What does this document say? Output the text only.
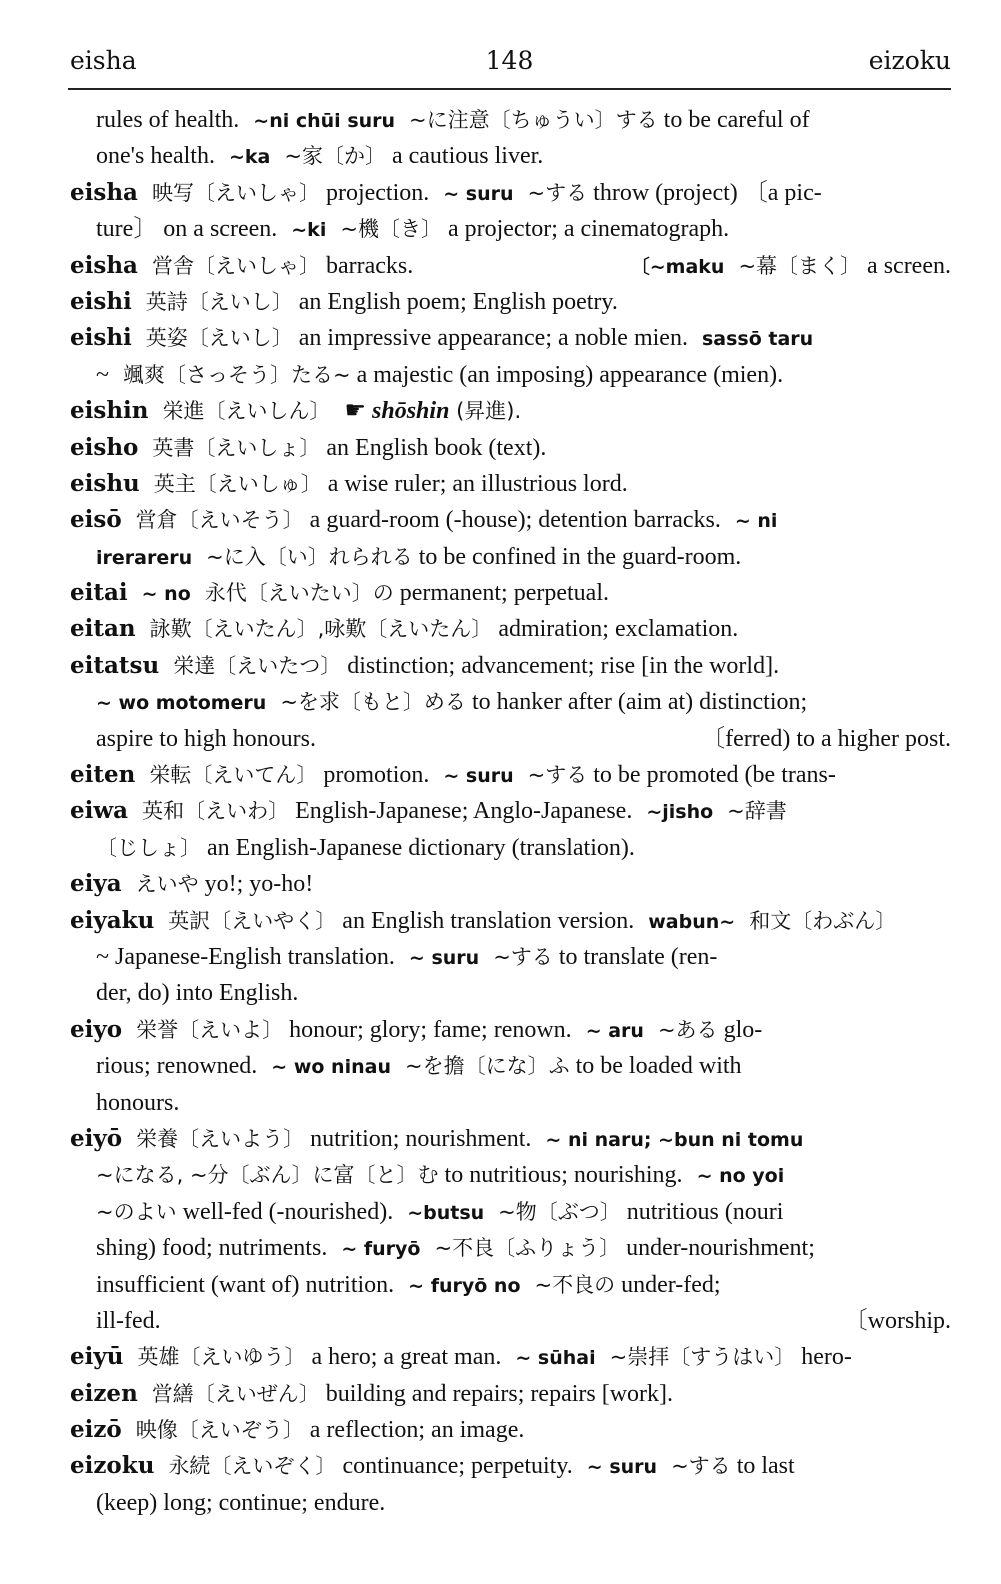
eisha	148	eizoku
rules of health. ~ni chūi suru ~に注意〔ちゅうい〕する to be careful of
one's health. ~ka ~家〔か〕 a cautious liver.
eisha 映写〔えいしゃ〕 projection. ~ suru ~する throw (project) 〔a pic-
ture〕 on a screen. ~ki ~機〔き〕 a projector; a cinematograph.
eisha 営舎〔えいしゃ〕 barracks.	〔~maku ~幕〔まく〕 a screen.
eishi 英詩〔えいし〕 an English poem; English poetry.
eishi 英姿〔えいし〕 an impressive appearance; a noble mien. sassō taru
~ 颯爽〔さっそう〕たる~ a majestic (an imposing) appearance (mien).
eishin 栄進〔えいしん〕 ☛ shōshin (昇進).
eisho 英書〔えいしょ〕 an English book (text).
eishu 英主〔えいしゅ〕 a wise ruler; an illustrious lord.
eisō 営倉〔えいそう〕 a guard-room (-house); detention barracks. ~ ni
irerareru ~に入〔い〕れられる to be confined in the guard-room.
eitai ~ no 永代〔えいたい〕の permanent; perpetual.
eitan 詠歎〔えいたん〕,咏歎〔えいたん〕 admiration; exclamation.
eitatsu 栄達〔えいたつ〕 distinction; advancement; rise [in the world].
~ wo motomeru ~を求〔もと〕める to hanker after (aim at) distinction;
aspire to high honours.	〔ferred) to a higher post.
eiten 栄転〔えいてん〕 promotion. ~ suru ~する to be promoted (be trans-
eiwa 英和〔えいわ〕 English-Japanese; Anglo-Japanese. ~jisho ~辞書
〔じしょ〕 an English-Japanese dictionary (translation).
eiya えいや yo!; yo-ho!
eiyaku 英訳〔えいやく〕 an English translation version. wabun~ 和文〔わぶん〕
~ Japanese-English translation. ~ suru ~する to translate (ren-
der, do) into English.
eiyo 栄誉〔えいよ〕 honour; glory; fame; renown. ~ aru ~ある glo-
rious; renowned. ~ wo ninau ~を擔〔にな〕ふ to be loaded with
honours.
eiyō 栄養〔えいよう〕 nutrition; nourishment. ~ ni naru; ~bun ni tomu
~になる, ~分〔ぶん〕に富〔と〕む to nutritious; nourishing. ~ no yoi
~のよい well-fed (-nourished). ~butsu ~物〔ぶつ〕 nutritious (nouri
shing) food; nutriments. ~ furyō ~不良〔ふりょう〕 under-nourishment;
insufficient (want of) nutrition. ~ furyō no ~不良の under-fed;
ill-fed.	〔worship.
eiyū 英雄〔えいゆう〕 a hero; a great man. ~ sūhai ~崇拝〔すうはい〕 hero-
eizen 営繕〔えいぜん〕 building and repairs; repairs [work].
eizō 映像〔えいぞう〕 a reflection; an image.
eizoku 永続〔えいぞく〕 continuance; perpetuity. ~ suru ~する to last
(keep) long; continue; endure.
